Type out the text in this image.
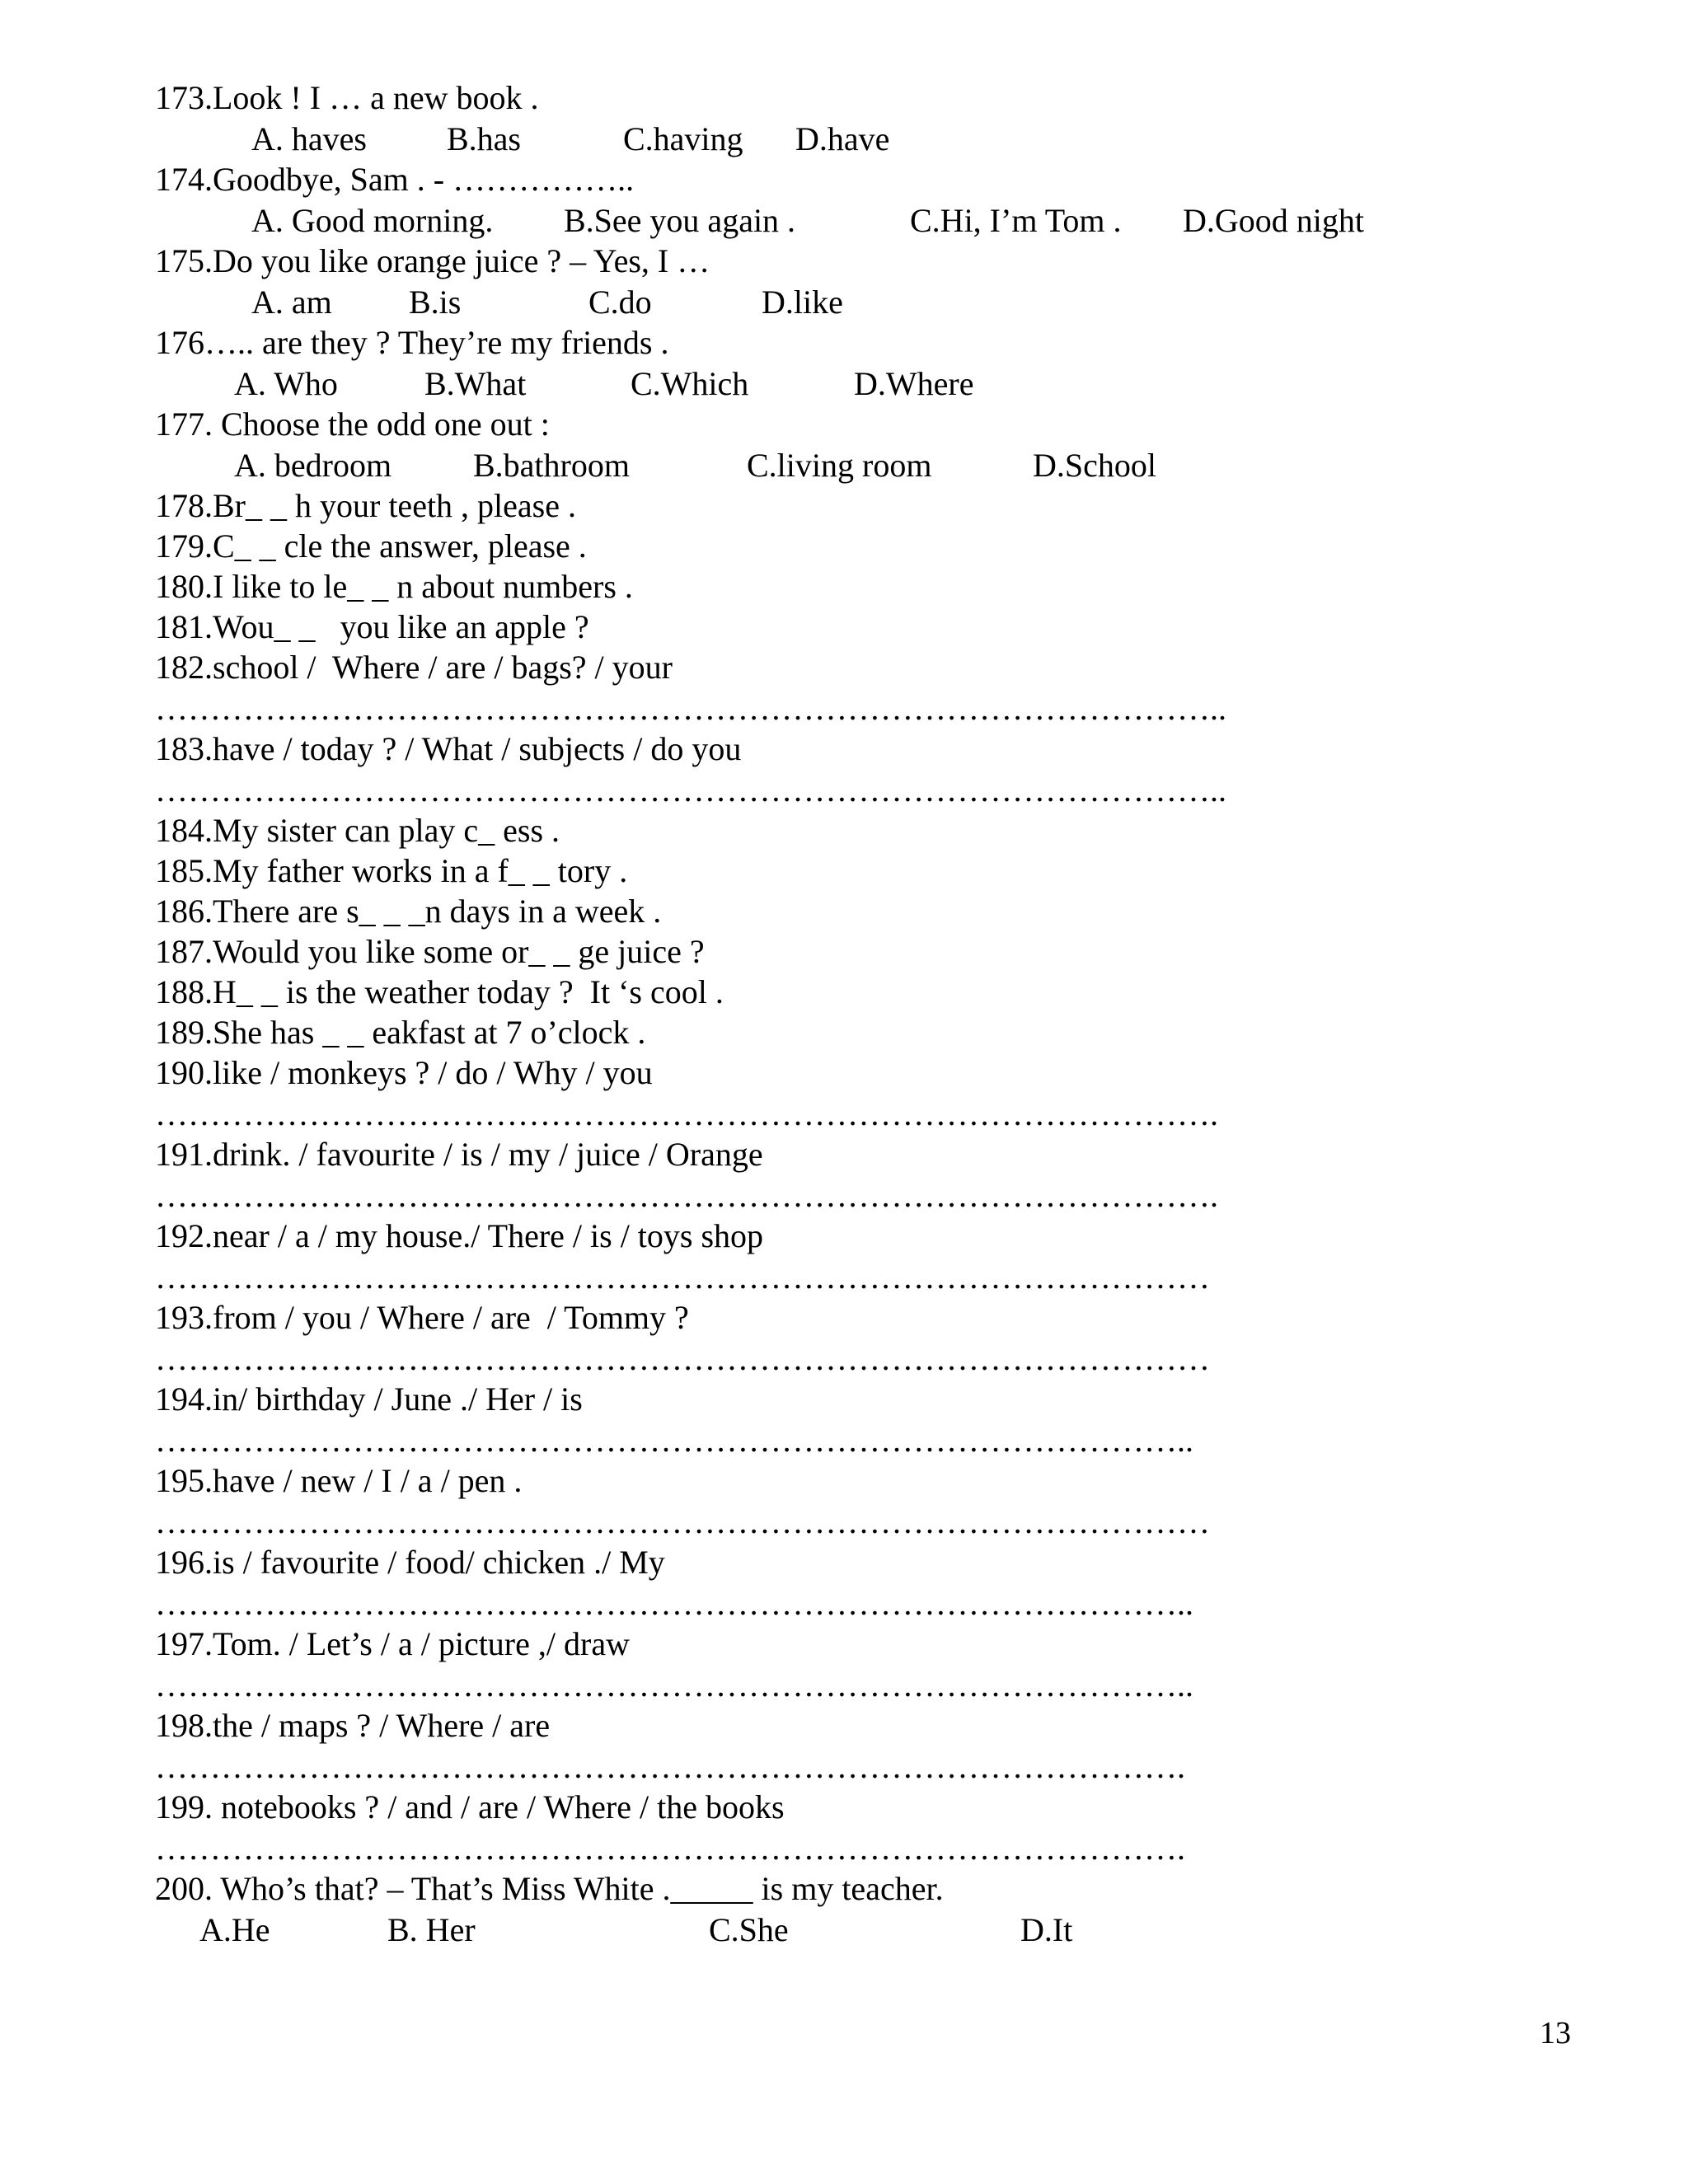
173.Look ! I … a new book .
A. haves B.has	C.having D.have
174.Goodbye, Sam . - ……………..
A. Good morning. B.See you again .	C.Hi, I’m Tom . D.Good night
175.Do you like orange juice ? – Yes, I …
A. am B.is	C.do	D.like
176….. are they ? They’re my friends .
A. Who	B.What	C.Which	D.Where
177. Choose the odd one out :
A. bedroom B.bathroom	C.living room	D.School
178.Br_ _ h your teeth , please .
179.C_ _ cle the answer, please .
180.I like to le_ _ n about numbers .
181.Wou_ _   you like an apple ?
182.school /  Where / are / bags? / your
……………………………………………………………………………………..
183.have / today ? / What / subjects / do you
……………………………………………………………………………………..
184.My sister can play c_ ess .
185.My father works in a f_ _ tory .
186.There are s_ _ _n days in a week .
187.Would you like some or_ _ ge juice ?
188.H_ _ is the weather today ?  It ‘s cool .
189.She has _ _ eakfast at 7 o’clock .
190.like / monkeys ? / do / Why / you
…………………………………………………………………………………….
191.drink. / favourite / is / my / juice / Orange
…………………………………………………………………………………….
192.near / a / my house./ There / is / toys shop
……………………………………………………………………………………
193.from / you / Where / are  / Tommy ?
……………………………………………………………………………………
194.in/ birthday / June ./ Her / is
…………………………………………………………………………………..
195.have / new / I / a / pen .
……………………………………………………………………………………
196.is / favourite / food/ chicken ./ My
…………………………………………………………………………………..
197.Tom. / Let’s / a / picture ,/ draw
…………………………………………………………………………………..
198.the / maps ? / Where / are
………………………………………………………………………………….
199. notebooks ? / and / are / Where / the books
………………………………………………………………………………….
200. Who’s that? – That’s Miss White ._____ is my teacher.
A.He	B. Her	C.She	D.It
13
